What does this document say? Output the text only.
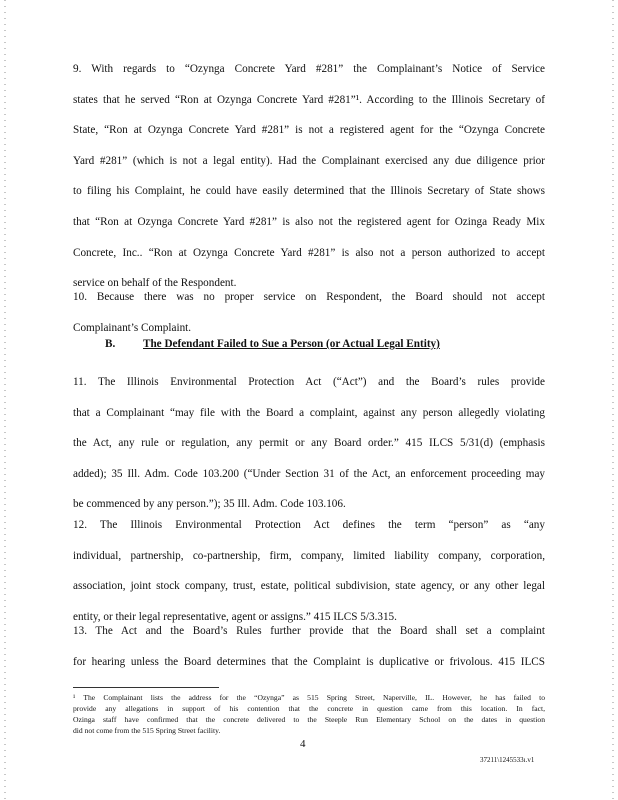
9. With regards to “Ozynga Concrete Yard #281” the Complainant’s Notice of Service
states that he served “Ron at Ozynga Concrete Yard #281”¹. According to the Illinois Secretary of
State, “Ron at Ozynga Concrete Yard #281” is not a registered agent for the “Ozynga Concrete
Yard #281” (which is not a legal entity). Had the Complainant exercised any due diligence prior
to filing his Complaint, he could have easily determined that the Illinois Secretary of State shows
that “Ron at Ozynga Concrete Yard #281” is also not the registered agent for Ozinga Ready Mix
Concrete, Inc.. “Ron at Ozynga Concrete Yard #281” is also not a person authorized to accept
service on behalf of the Respondent.
10. Because there was no proper service on Respondent, the Board should not accept
Complainant’s Complaint.
B. The Defendant Failed to Sue a Person (or Actual Legal Entity)
11. The Illinois Environmental Protection Act (“Act”) and the Board’s rules provide
that a Complainant “may file with the Board a complaint, against any person allegedly violating
the Act, any rule or regulation, any permit or any Board order.” 415 ILCS 5/31(d) (emphasis
added); 35 Ill. Adm. Code 103.200 (“Under Section 31 of the Act, an enforcement proceeding may
be commenced by any person.”); 35 Ill. Adm. Code 103.106.
12. The Illinois Environmental Protection Act defines the term “person” as “any
individual, partnership, co-partnership, firm, company, limited liability company, corporation,
association, joint stock company, trust, estate, political subdivision, state agency, or any other legal
entity, or their legal representative, agent or assigns.” 415 ILCS 5/3.315.
13. The Act and the Board’s Rules further provide that the Board shall set a complaint
for hearing unless the Board determines that the Complaint is duplicative or frivolous. 415 ILCS
¹ The Complainant lists the address for the “Ozynga” as 515 Spring Street, Naperville, IL. However, he has failed to
provide any allegations in support of his contention that the concrete in question came from this location. In fact,
Ozinga staff have confirmed that the concrete delivered to the Steeple Run Elementary School on the dates in question
did not come from the 515 Spring Street facility.
4
37211\1245533ı.v1
